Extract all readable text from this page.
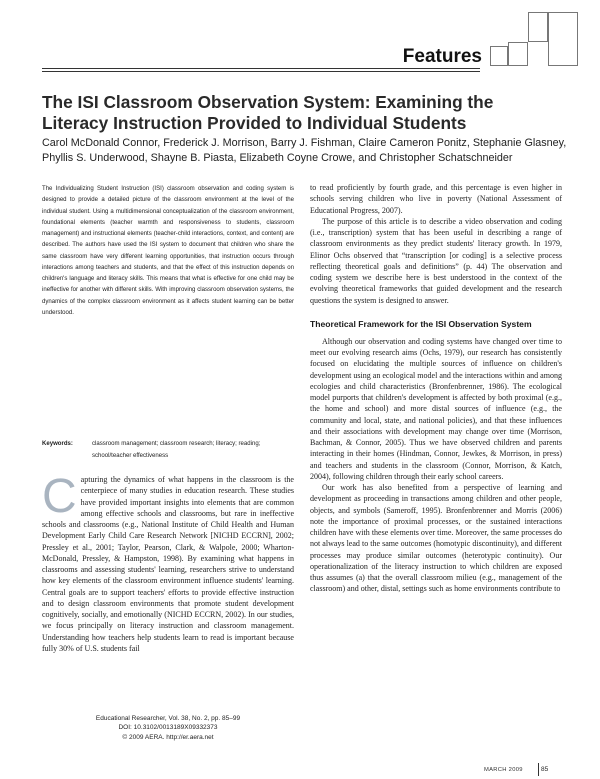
Features
The ISI Classroom Observation System: Examining the Literacy Instruction Provided to Individual Students
Carol McDonald Connor, Frederick J. Morrison, Barry J. Fishman, Claire Cameron Ponitz, Stephanie Glasney, Phyllis S. Underwood, Shayne B. Piasta, Elizabeth Coyne Crowe, and Christopher Schatschneider
The Individualizing Student Instruction (ISI) classroom observation and coding system is designed to provide a detailed picture of the classroom environment at the level of the individual student. Using a multidimensional conceptualization of the classroom environment, foundational elements (teacher warmth and responsiveness to students, classroom management) and instructional elements (teacher-child interactions, context, and content) are described. The authors have used the ISI system to document that children who share the same classroom have very different learning opportunities, that instruction occurs through interactions among teachers and students, and that the effect of this instruction depends on children's language and literacy skills. This means that what is effective for one child may be ineffective for another with different skills. With improving classroom observation systems, the dynamics of the complex classroom environment as it affects student learning can be better understood.
Keywords:	classroom management; classroom research; literacy; reading; school/teacher effectiveness
C apturing the dynamics of what happens in the classroom is the centerpiece of many studies in education research. These studies have provided important insights into elements that are common among effective schools and classrooms, but rare in ineffective schools and classrooms (e.g., National Institute of Child Health and Human Development Early Child Care Research Network [NICHD ECCRN], 2002; Pressley et al., 2001; Taylor, Pearson, Clark, & Walpole, 2000; Wharton-McDonald, Pressley, & Hampston, 1998). By examining what happens in classrooms and assessing students' learning, researchers strive to understand how key elements of the classroom environment influence students' learning. Central goals are to support teachers' efforts to provide effective instruction and to design classroom environments that promote student development cognitively, socially, and emotionally (NICHD ECCRN, 2002). In our studies, we focus principally on literacy instruction and classroom management. Understanding how teachers help students learn to read is important because fully 30% of U.S. students fail

to read proficiently by fourth grade, and this percentage is even higher in schools serving children who live in poverty (National Assessment of Educational Progress, 2007).

The purpose of this article is to describe a video observation and coding (i.e., transcription) system that has been useful in describing a range of classroom environments as they predict students' literacy growth. In 1979, Elinor Ochs observed that “transcription [or coding] is a selective process reflecting theoretical goals and definitions” (p. 44) The observation and coding system we describe here is best understood in the context of the evolving theoretical frameworks that guided development and the research questions the system is designed to answer.

Theoretical Framework for the ISI Observation System

Although our observation and coding systems have changed over time to meet our evolving research aims (Ochs, 1979), our research has consistently focused on elucidating the multiple sources of influence on children's development using an ecological model and the interactions within and among ecologies and child characteristics (Bronfenbrenner, 1986). The ecological model purports that children's development is affected by both proximal (e.g., the home and school) and more distal sources of influence (e.g., the community and local, state, and national policies), and that these influences and their associations with development may change over time (Morrison, Bachman, & Connor, 2005). Thus we have observed children and parents interacting in their homes (Hindman, Connor, Jewkes, & Morrison, in press) and teachers and students in the classroom (Connor, Morrison, & Katch, 2004), following children through their early school careers.

Our work has also benefited from a perspective of learning and development as proceeding in transactions among children and other people, objects, and symbols (Sameroff, 1995). Bronfenbrenner and Morris (2006) note the importance of proximal processes, or the sustained interactions children have with these elements over time. Moreover, the same processes do not always lead to the same outcomes (homotypic discontinuity), and different processes may produce similar outcomes (heterotypic continuity). Our operationalization of the literacy instruction to which children are exposed thus assumes (a) that the overall classroom milieu (e.g., management of the classroom) and other, distal, settings such as home environments contribute to

Educational Researcher, Vol. 38, No. 2, pp. 85–99
DOI: 10.3102/0013189X09332373
© 2009 AERA. http://er.aera.net
MARCH 2009	85
